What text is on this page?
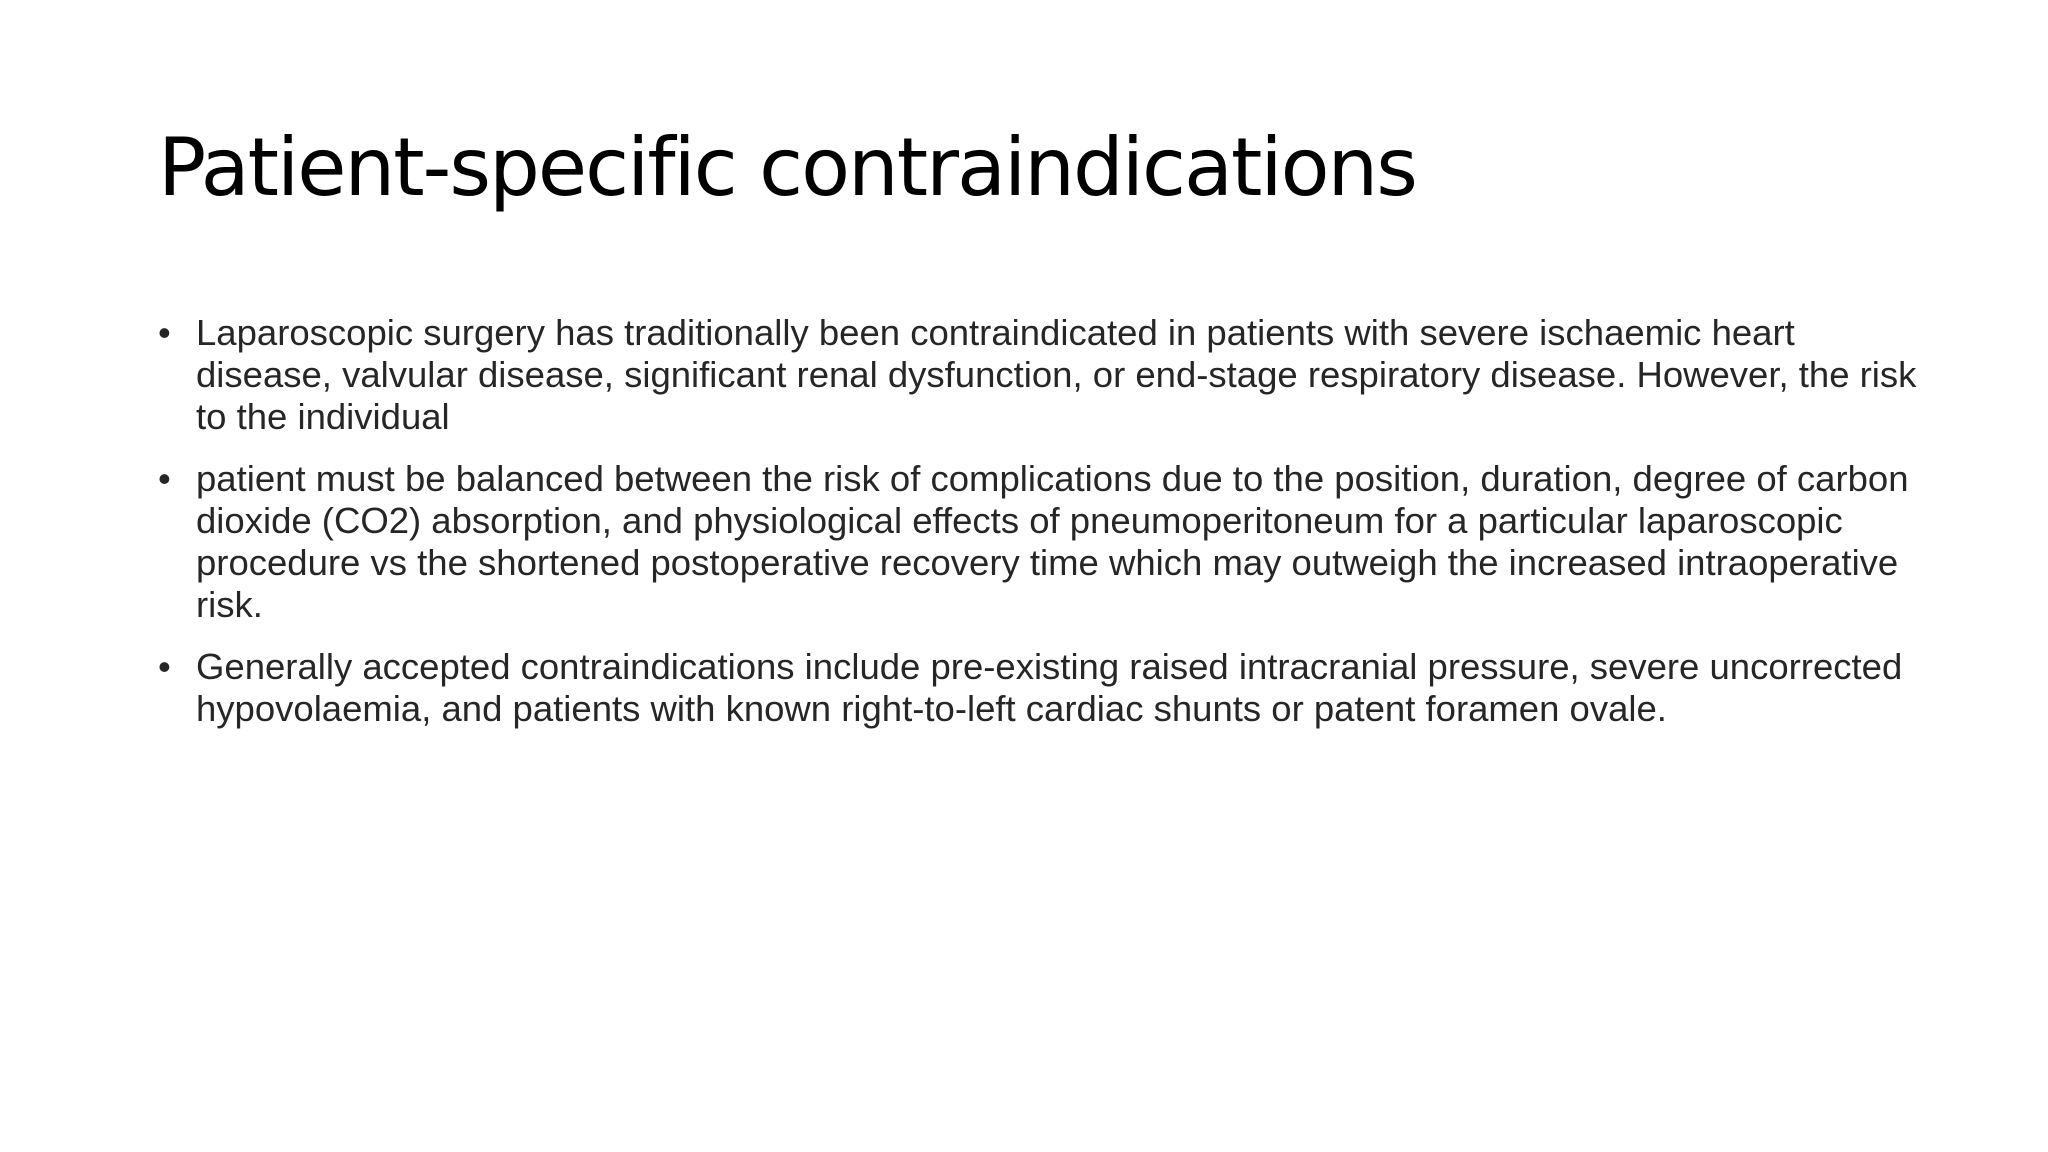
Patient-specific contraindications
• Laparoscopic surgery has traditionally been contraindicated in patients with severe ischaemic heart disease, valvular disease, significant renal dysfunction, or end-stage respiratory disease. However, the risk to the individual
• patient must be balanced between the risk of complications due to the position, duration, degree of carbon dioxide (CO2) absorption, and physiological effects of pneumoperitoneum for a particular laparoscopic procedure vs the shortened postoperative recovery time which may outweigh the increased intraoperative risk.
• Generally accepted contraindications include pre-existing raised intracranial pressure, severe uncorrected hypovolaemia, and patients with known right-to-left cardiac shunts or patent foramen ovale.
